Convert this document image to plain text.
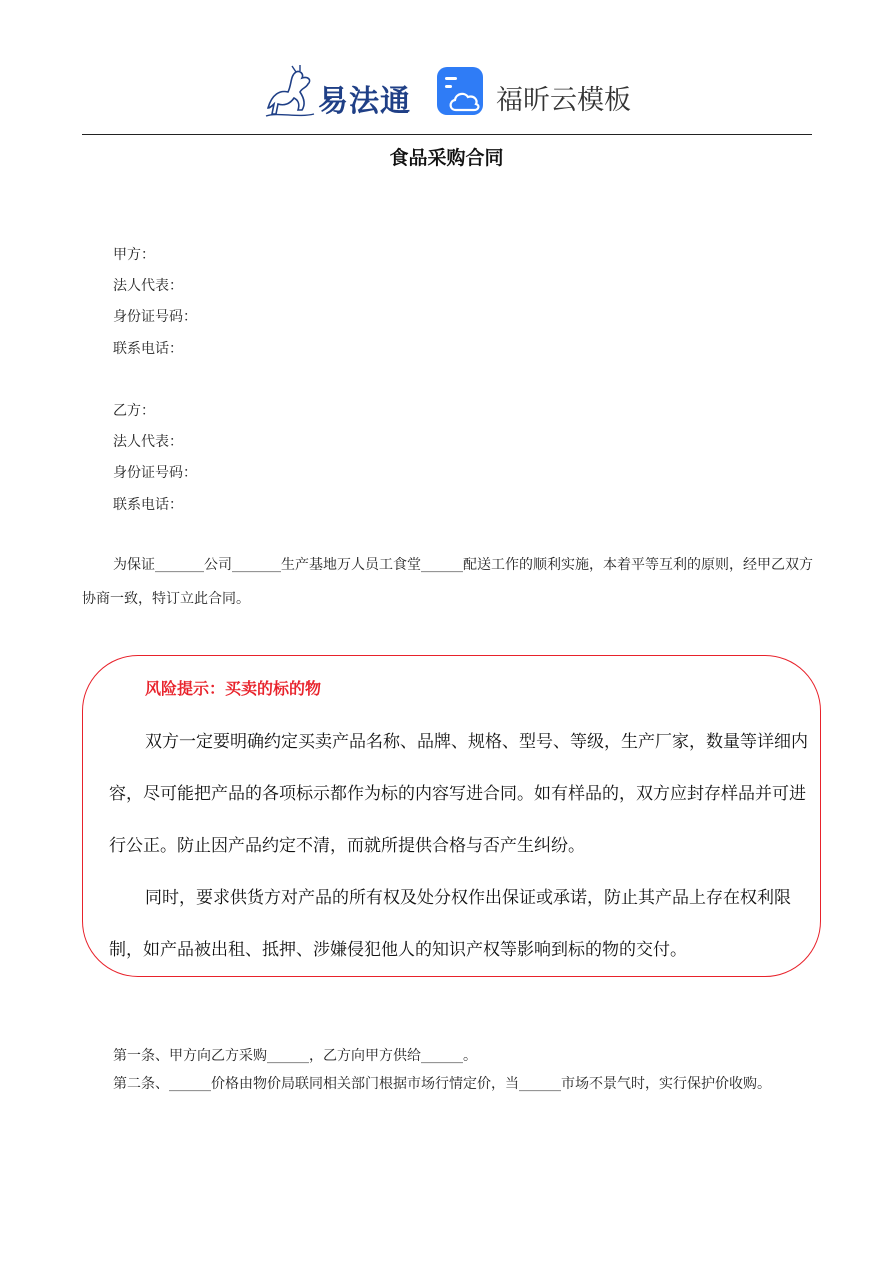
易法通	福昕云模板
食品采购合同
甲方：
法人代表：
身份证号码：
联系电话：
乙方：
法人代表：
身份证号码：
联系电话：
为保证_______公司_______生产基地万人员工食堂______配送工作的顺利实施，本着平等互利的原则，经甲乙双方协商一致，特订立此合同。
风险提示：买卖的标的物
双方一定要明确约定买卖产品名称、品牌、规格、型号、等级，生产厂家，数量等详细内容，尽可能把产品的各项标示都作为标的内容写进合同。如有样品的，双方应封存样品并可进行公正。防止因产品约定不清，而就所提供合格与否产生纠纷。
同时，要求供货方对产品的所有权及处分权作出保证或承诺，防止其产品上存在权利限制，如产品被出租、抵押、涉嫌侵犯他人的知识产权等影响到标的物的交付。
第一条、甲方向乙方采购______，乙方向甲方供给______。
第二条、______价格由物价局联同相关部门根据市场行情定价，当______市场不景气时，实行保护价收购。
